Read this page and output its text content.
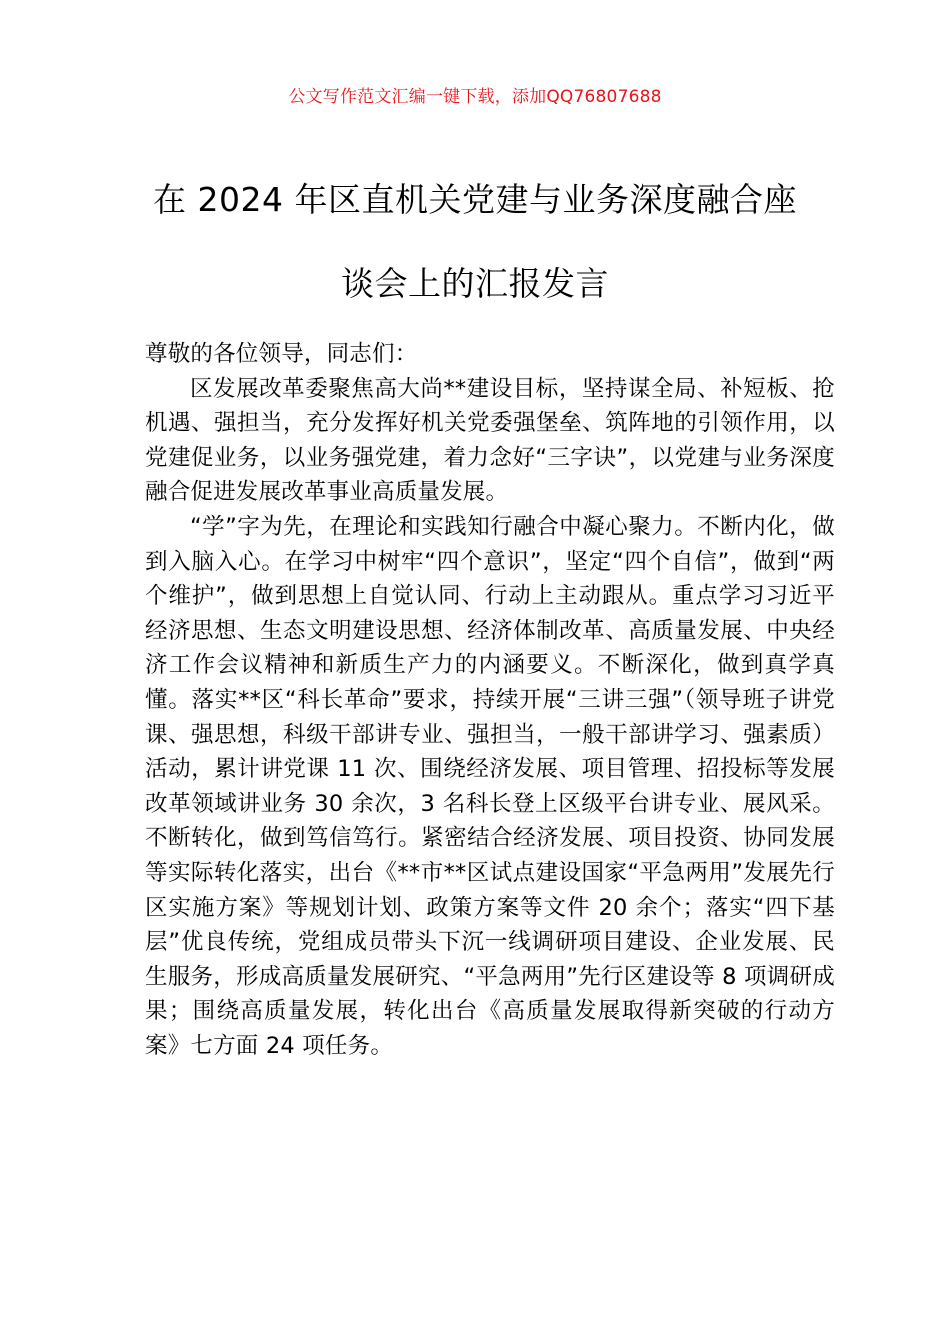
公文写作范文汇编一键下载，添加QQ76807688
在 2024 年区直机关党建与业务深度融合座
谈会上的汇报发言

尊敬的各位领导，同志们：

区发展改革委聚焦高大尚**建设目标，坚持谋全局、补短板、抢机遇、强担当，充分发挥好机关党委强堡垒、筑阵地的引领作用，以党建促业务，以业务强党建，着力念好“三字诀”，以党建与业务深度融合促进发展改革事业高质量发展。

“学”字为先，在理论和实践知行融合中凝心聚力。不断内化，做到入脑入心。在学习中树牢“四个意识”，坚定“四个自信”，做到“两个维护”，做到思想上自觉认同、行动上主动跟从。重点学习习近平经济思想、生态文明建设思想、经济体制改革、高质量发展、中央经济工作会议精神和新质生产力的内涵要义。不断深化，做到真学真懂。落实**区“科长革命”要求，持续开展“三讲三强”（领导班子讲党课、强思想，科级干部讲专业、强担当，一般干部讲学习、强素质）活动，累计讲党课 11 次、围绕经济发展、项目管理、招投标等发展改革领域讲业务 30 余次，3 名科长登上区级平台讲专业、展风采。不断转化，做到笃信笃行。紧密结合经济发展、项目投资、协同发展等实际转化落实，出台《**市**区试点建设国家“平急两用”发展先行区实施方案》等规划计划、政策方案等文件 20 余个；落实“四下基层”优良传统，党组成员带头下沉一线调研项目建设、企业发展、民生服务，形成高质量发展研究、“平急两用”先行区建设等 8 项调研成果；围绕高质量发展，转化出台《高质量发展取得新突破的行动方案》七方面 24 项任务。
